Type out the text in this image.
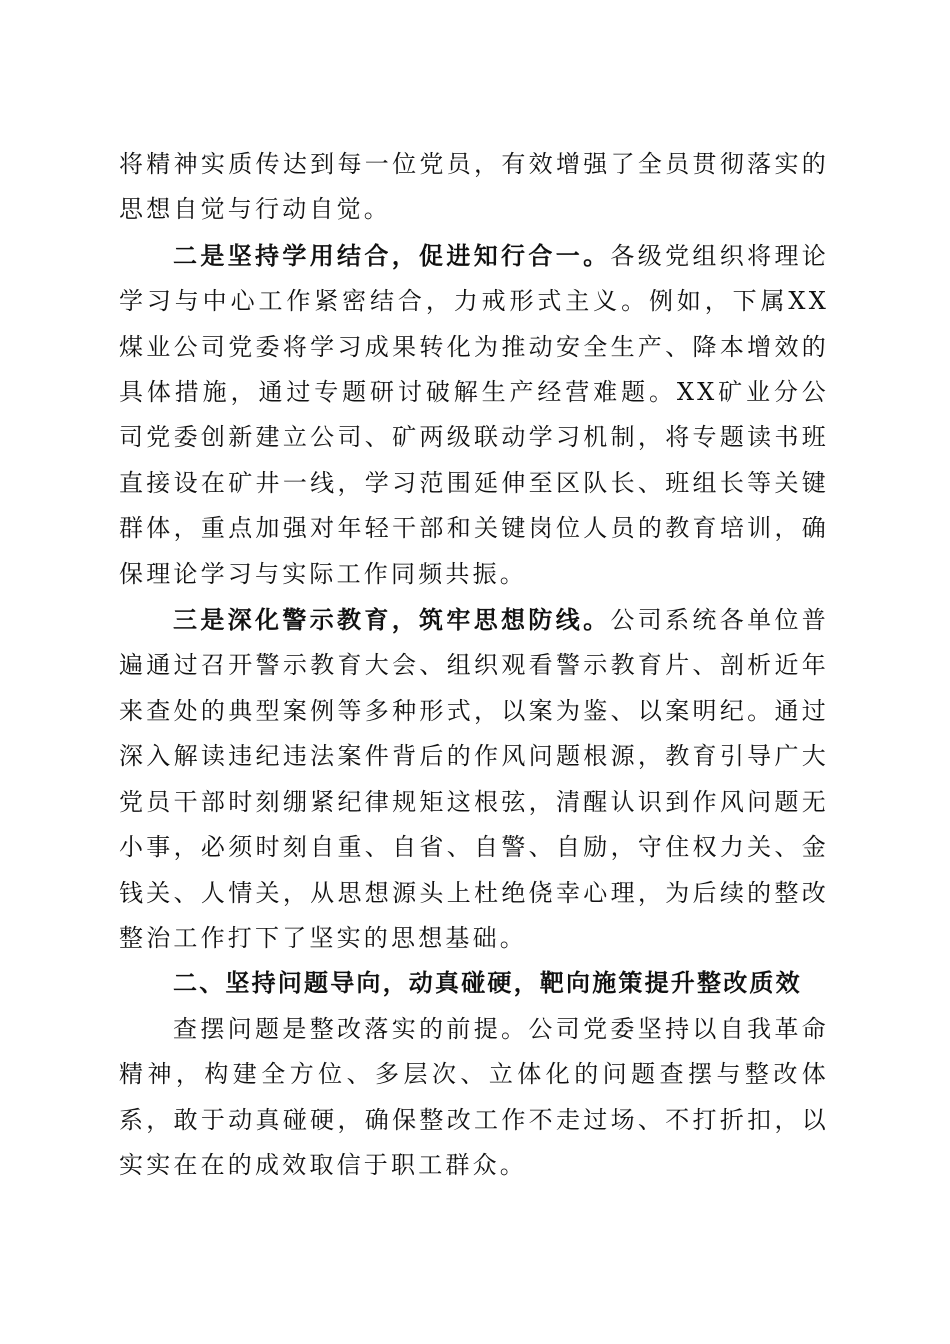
将精神实质传达到每一位党员，有效增强了全员贯彻落实的思想自觉与行动自觉。

二是坚持学用结合，促进知行合一。各级党组织将理论学习与中心工作紧密结合，力戒形式主义。例如，下属XX煤业公司党委将学习成果转化为推动安全生产、降本增效的具体措施，通过专题研讨破解生产经营难题。XX矿业分公司党委创新建立公司、矿两级联动学习机制，将专题读书班直接设在矿井一线，学习范围延伸至区队长、班组长等关键群体，重点加强对年轻干部和关键岗位人员的教育培训，确保理论学习与实际工作同频共振。

三是深化警示教育，筑牢思想防线。公司系统各单位普遍通过召开警示教育大会、组织观看警示教育片、剖析近年来查处的典型案例等多种形式，以案为鉴、以案明纪。通过深入解读违纪违法案件背后的作风问题根源，教育引导广大党员干部时刻绷紧纪律规矩这根弦，清醒认识到作风问题无小事，必须时刻自重、自省、自警、自励，守住权力关、金钱关、人情关，从思想源头上杜绝侥幸心理，为后续的整改整治工作打下了坚实的思想基础。

二、坚持问题导向，动真碰硬，靶向施策提升整改质效

查摆问题是整改落实的前提。公司党委坚持以自我革命精神，构建全方位、多层次、立体化的问题查摆与整改体系，敢于动真碰硬，确保整改工作不走过场、不打折扣，以实实在在的成效取信于职工群众。
